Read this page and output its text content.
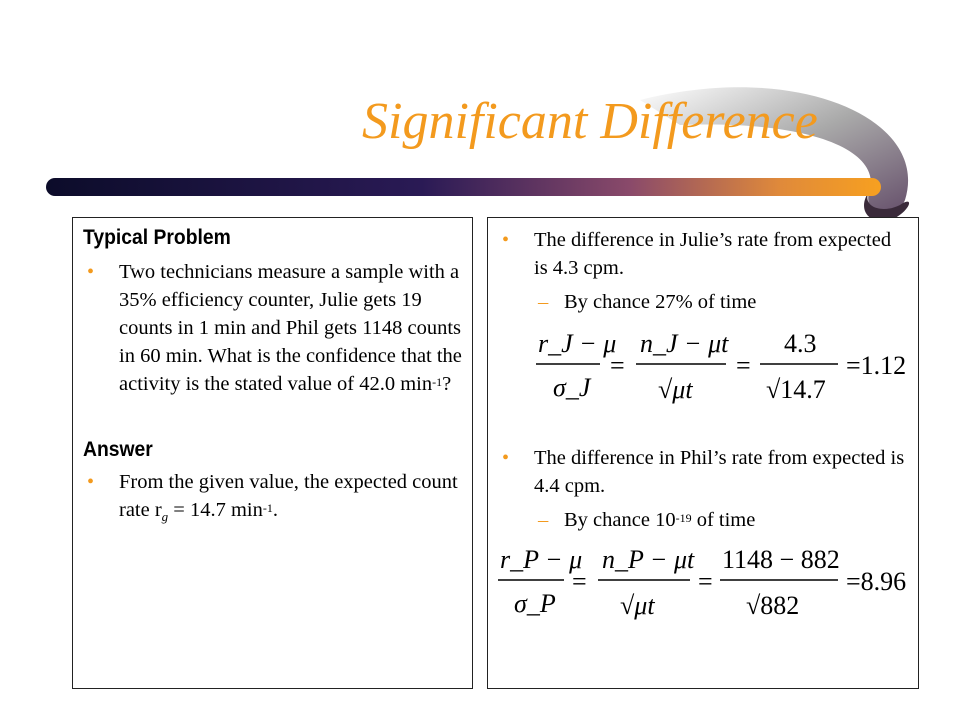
Significant Difference

Typical Problem

• Two technicians measure a sample with a 35% efficiency counter, Julie gets 19 counts in 1 min and Phil gets 1148 counts in 60 min. What is the confidence that the activity is the stated value of 42.0 $\min^{-1}$?

Answer

• From the given value, the expected count rate $r_g = 14.7$ $\min^{-1}$.
• The difference in Julie’s rate from expected is 4.3 cpm.
– By chance 27% of time
r_J − μ
σ_J
=
n_J − μt
√μt
=
4.3
√14.7
=1.12
• The difference in Phil’s rate from expected is 4.4 cpm.
– By chance $10^{-19}$ of time
r_P − μ
σ_P
=
n_P − μt
√μt
=
1148 − 882
√882
=8.96
